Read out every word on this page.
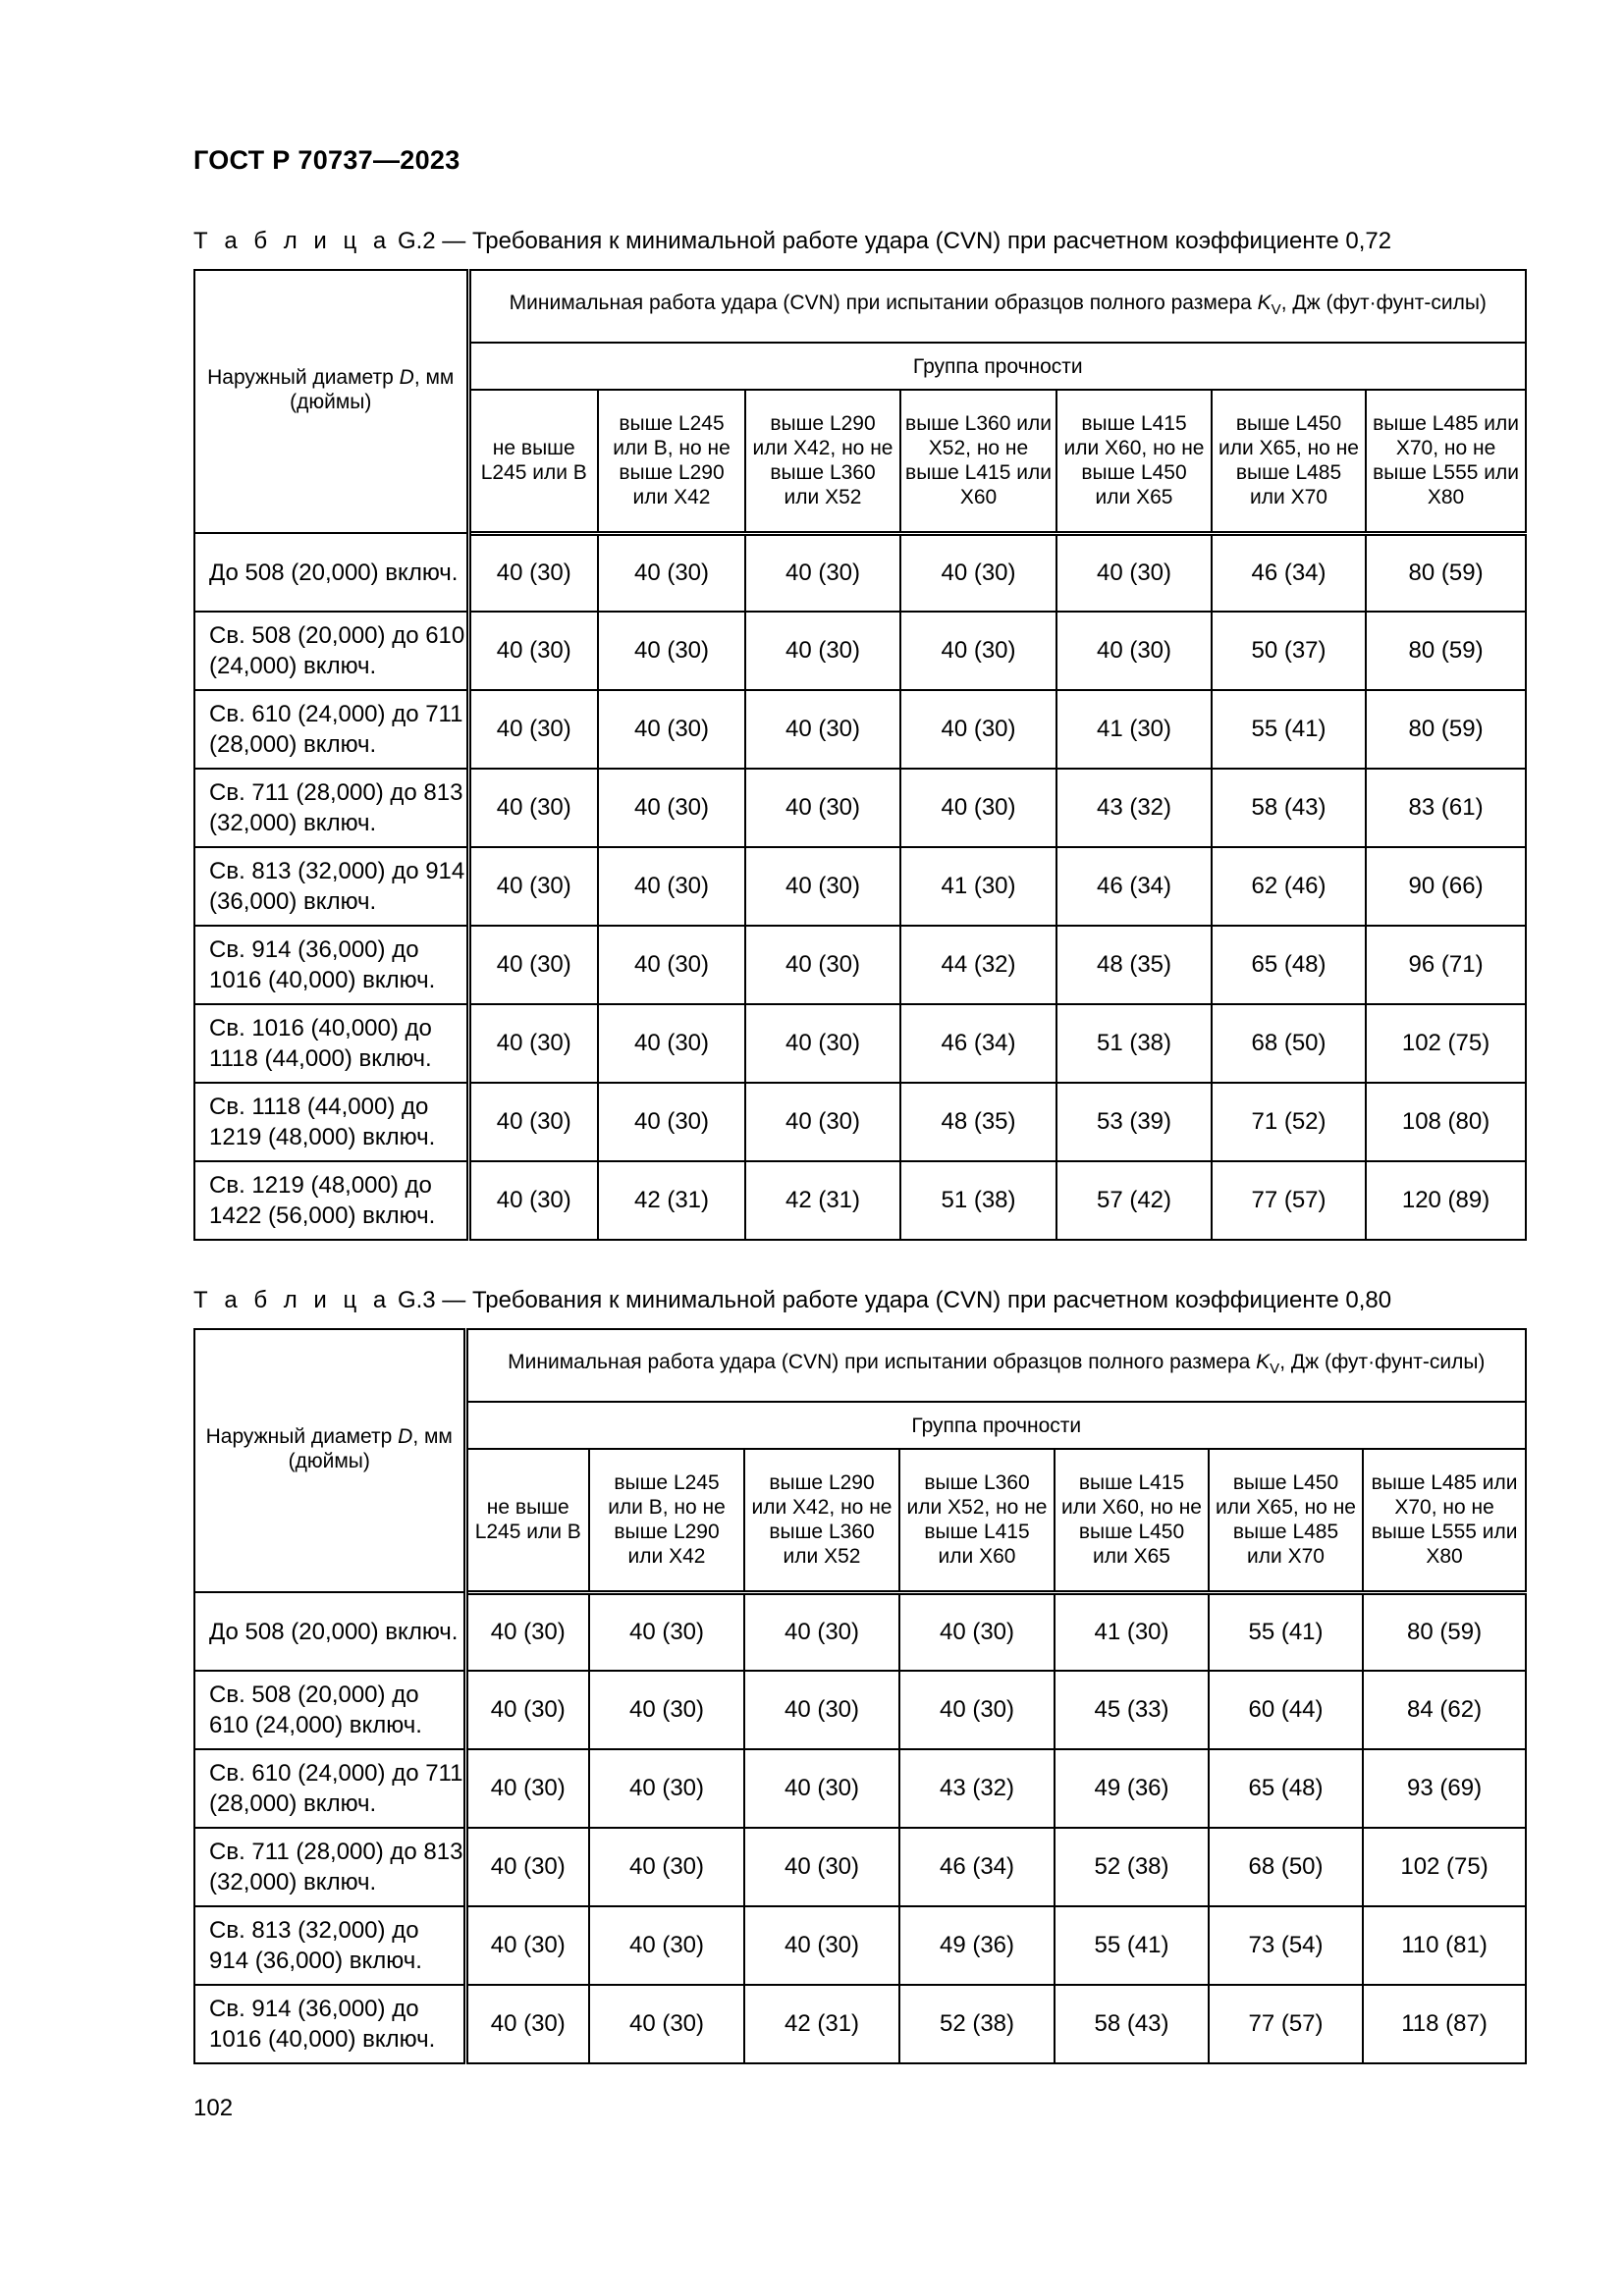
ГОСТ Р 70737—2023
Т а б л и ц а G.2 — Требования к минимальной работе удара (CVN) при расчетном коэффициенте 0,72
Наружный диаметр D, мм (дюймы)	Минимальная работа удара (CVN) при испытании образцов полного размера $K_V$, Дж (фут·фунт-силы)						
	Группа прочности						
	не выше L245 или B	выше L245 или B, но не выше L290 или X42	выше L290 или X42, но не выше L360 или X52	выше L360 или X52, но не выше L415 или X60	выше L415 или X60, но не выше L450 или X65	выше L450 или X65, но не выше L485 или X70	выше L485 или X70, но не выше L555 или X80
До 508 (20,000) включ.	40 (30)	40 (30)	40 (30)	40 (30)	40 (30)	46 (34)	80 (59)
Св. 508 (20,000) до 610 (24,000) включ.	40 (30)	40 (30)	40 (30)	40 (30)	40 (30)	50 (37)	80 (59)
Св. 610 (24,000) до 711 (28,000) включ.	40 (30)	40 (30)	40 (30)	40 (30)	41 (30)	55 (41)	80 (59)
Св. 711 (28,000) до 813 (32,000) включ.	40 (30)	40 (30)	40 (30)	40 (30)	43 (32)	58 (43)	83 (61)
Св. 813 (32,000) до 914 (36,000) включ.	40 (30)	40 (30)	40 (30)	41 (30)	46 (34)	62 (46)	90 (66)
Св. 914 (36,000) до 1016 (40,000) включ.	40 (30)	40 (30)	40 (30)	44 (32)	48 (35)	65 (48)	96 (71)
Св. 1016 (40,000) до 1118 (44,000) включ.	40 (30)	40 (30)	40 (30)	46 (34)	51 (38)	68 (50)	102 (75)
Св. 1118 (44,000) до 1219 (48,000) включ.	40 (30)	40 (30)	40 (30)	48 (35)	53 (39)	71 (52)	108 (80)
Св. 1219 (48,000) до 1422 (56,000) включ.	40 (30)	42 (31)	42 (31)	51 (38)	57 (42)	77 (57)	120 (89)
Т а б л и ц а G.3 — Требования к минимальной работе удара (CVN) при расчетном коэффициенте 0,80
Наружный диаметр D, мм (дюймы)	Минимальная работа удара (CVN) при испытании образцов полного размера $K_V$, Дж (фут·фунт-силы)						
	Группа прочности						
	не выше L245 или B	выше L245 или B, но не выше L290 или X42	выше L290 или X42, но не выше L360 или X52	выше L360 или X52, но не выше L415 или X60	выше L415 или X60, но не выше L450 или X65	выше L450 или X65, но не выше L485 или X70	выше L485 или X70, но не выше L555 или X80
До 508 (20,000) включ.	40 (30)	40 (30)	40 (30)	40 (30)	41 (30)	55 (41)	80 (59)
Св. 508 (20,000) до 610 (24,000) включ.	40 (30)	40 (30)	40 (30)	40 (30)	45 (33)	60 (44)	84 (62)
Св. 610 (24,000) до 711 (28,000) включ.	40 (30)	40 (30)	40 (30)	43 (32)	49 (36)	65 (48)	93 (69)
Св. 711 (28,000) до 813 (32,000) включ.	40 (30)	40 (30)	40 (30)	46 (34)	52 (38)	68 (50)	102 (75)
Св. 813 (32,000) до 914 (36,000) включ.	40 (30)	40 (30)	40 (30)	49 (36)	55 (41)	73 (54)	110 (81)
Св. 914 (36,000) до 1016 (40,000) включ.	40 (30)	40 (30)	42 (31)	52 (38)	58 (43)	77 (57)	118 (87)
102
